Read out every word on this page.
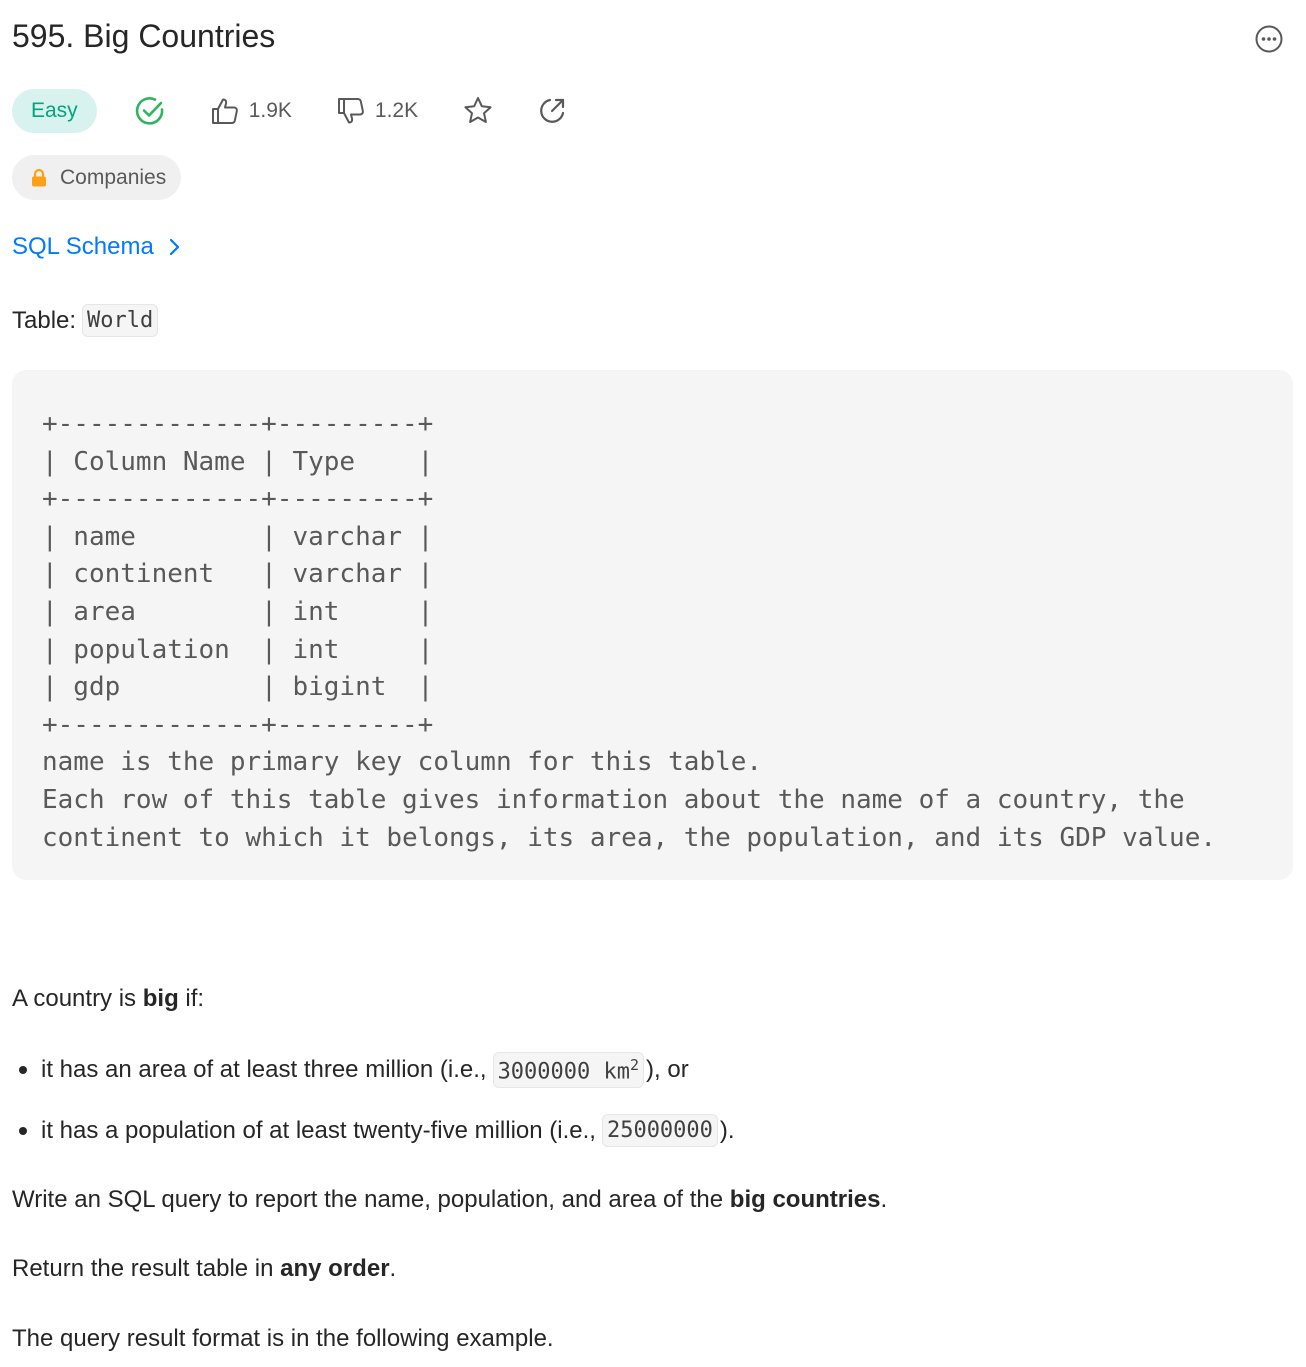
595. Big Countries
Easy	1.9K	1.2K
Companies
SQL Schema
Table: World
+-------------+---------+
| Column Name | Type    |
+-------------+---------+
| name        | varchar |
| continent   | varchar |
| area        | int     |
| population  | int     |
| gdp         | bigint  |
+-------------+---------+
name is the primary key column for this table.
Each row of this table gives information about the name of a country, the
continent to which it belongs, its area, the population, and its GDP value.

A country is big if:

it has an area of at least three million (i.e., 3000000 $km^2$ ), or
it has a population of at least twenty-five million (i.e., 25000000 ).

Write an SQL query to report the name, population, and area of the big countries.

Return the result table in any order.

The query result format is in the following example.
